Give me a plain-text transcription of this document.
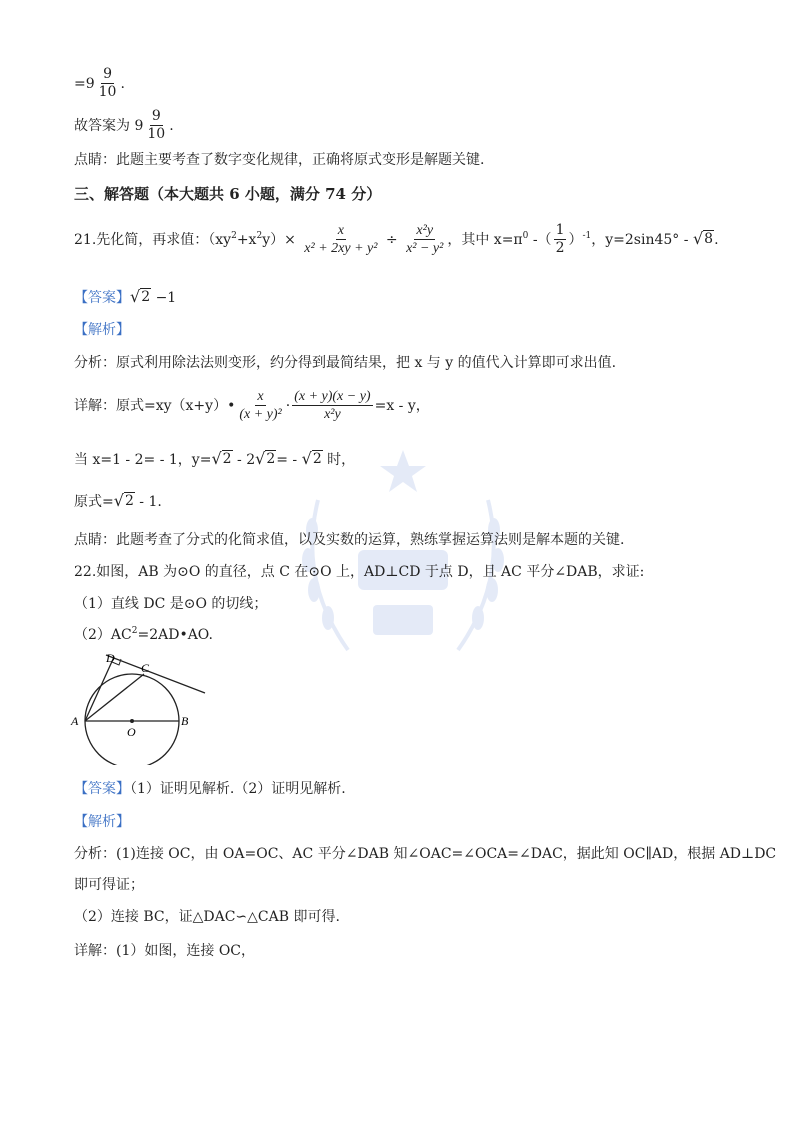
$=9 \frac{9}{10}$ .
故答案为 $9 \frac{9}{10}$ .
点睛：此题主要考查了数字变化规律，正确将原式变形是解题关键.
三、解答题（本大题共 6 小题，满分 74 分）
21.先化简，再求值：$(xy^2+x^2y)\times \frac{x}{\text{x² + 2xy + y²}} \div \frac{\text{x²y}}{\text{x² − y²}}$ ，其中 $x=\pi^0$ -（ $\frac{1}{2} )^{-1}$，y=2sin45° - √ 8 .
【答案】 √ 2 −1
【解析】
分析：原式利用除法法则变形，约分得到最简结果，把 x 与 y 的值代入计算即可求出值.
详解：原式=xy（x+y）• $\frac{x}{\text{(x + y)²}} \cdot \frac{(x + y)(x - y)}{\text{x²y}} =x - y$，
当 x=1 - 2= - 1，y= √ 2 - 2 √ 2 = - √ 2 时，
原式= √ 2 - 1.
点睛：此题考查了分式的化简求值，以及实数的运算，熟练掌握运算法则是解本题的关键.
22.如图，AB 为⊙O 的直径，点 C 在⊙O 上，AD⊥CD 于点 D，且 AC 平分∠DAB，求证:
（1）直线 DC 是⊙O 的切线；
$(2)AC^2=2AD•AO$.
D
C
A
O
B
【答案】（1）证明见解析.（2）证明见解析.
【解析】
分析：(1)连接 OC，由 OA=OC、AC 平分∠DAB 知∠OAC=∠OCA=∠DAC，据此知 OC∥AD，根据 AD⊥DC
即可得证；
（2）连接 BC，证△DAC∽△CAB 即可得.
详解：(1）如图，连接 OC，
